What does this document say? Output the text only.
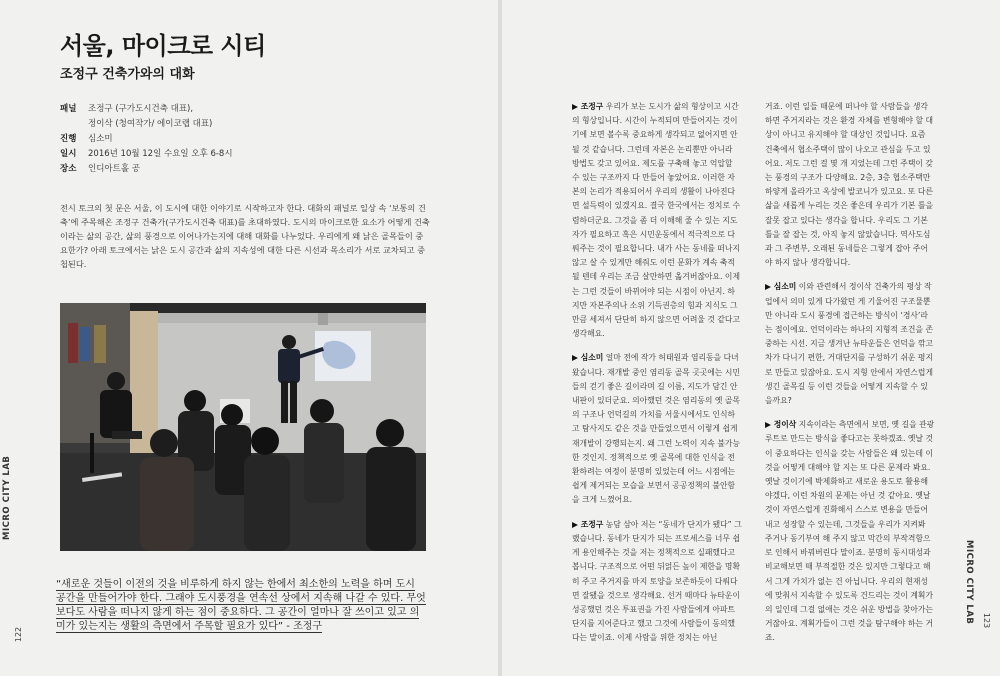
서울, 마이크로 시티
조정구 건축가와의 대화
패널	조정구 (구가도시건축 대표),
정이삭 (청여작가/ 에이코랩 대표)
진행	심소미
일시	2016년 10월 12일 수요일 오후 6-8시
장소	인디아트홀 공
전시 토크의 첫 문은 서울, 이 도시에 대한 이야기로 시작하고자 한다. 대화의 패널로 일상 속 ‘보통의 건축’에 주목해온 조정구 건축가(구가도시건축 대표)를 초대하였다. 도시의 마이크로한 요소가 어떻게 건축이라는 삶의 공간, 삶의 풍경으로 이어나가는지에 대해 대화를 나누었다. 우리에게 왜 낡은 골목들이 중요한가? 아래 토크에서는 낡은 도시 공간과 삶의 지속성에 대한 다른 시선과 목소리가 서로 교차되고 중첩된다.
“새로운 것들이 이전의 것을 비루하게 하지 않는 한에서 최소한의 노력을 하며 도시 공간을 만들어가야 한다. 그래야 도시풍경을 연속선 상에서 지속해 나갈 수 있다. 무엇보다도 사람을 떠나지 않게 하는 점이 중요하다. 그 공간이 얼마나 잘 쓰이고 있고 의미가 있는지는 생활의 측면에서 주목할 필요가 있다” - 조정구
MICRO CITY LAB
122

▶ 조정구 우리가 보는 도시가 삶의 형상이고 시간의 형상입니다. 시간이 누적되며 만들어지는 것이기에 보면 볼수록 중요하게 생각되고 없어지면 안 될 것 같습니다. 그런데 자본은 논리뿐만 아니라 방법도 갖고 있어요. 제도를 구축해 놓고 억압할 수 있는 구조까지 다 만들어 놓았어요. 이러한 자본의 논리가 적용되어서 우리의 생활이 나아진다면 설득력이 있겠지요. 결국 한국에서는 정치로 수렴하더군요. 그것을 좀 더 이해해 줄 수 있는 지도자가 필요하고 혹은 시민운동에서 적극적으로 다뤄주는 것이 필요합니다. 내가 사는 동네를 떠나지 않고 살 수 있게만 해줘도 이런 문화가 계속 축적될 텐데 우리는 조금 살만하면 옮겨버잖아요. 이제는 그런 것들이 바뀌어야 되는 시점이 아닌지. 하지만 자본주의나 소위 기득권층의 힘과 지식도 그만큼 세져서 단단히 하지 않으면 어려울 것 같다고 생각해요.

▶ 심소미 얼마 전에 작가 허태원과 염리동을 다녀왔습니다. 재개발 중인 염리동 골목 곳곳에는 시민들의 걷기 좋은 길이라며 길 이름, 지도가 담긴 안내판이 있더군요. 의아했던 것은 염리동의 옛 골목의 구조나 언덕길의 가치를 서울시에서도 인식하고 탐사지도 같은 것을 만들었으면서 이렇게 쉽게 재개발이 강행되는지. 왜 그런 노력이 지속 불가능한 것인지. 정책적으로 옛 골목에 대한 인식을 전환하려는 여정이 분명히 있었는데 어느 시점에는 쉽게 제거되는 모습을 보면서 공공정책의 불안함을 크게 느꼈어요.

▶ 조정구 농담 삼아 저는 “동네가 단지가 됐다” 그랬습니다. 동네가 단지가 되는 프로세스를 너무 쉽게 용인해주는 것을 저는 정책적으로 실패했다고 봅니다. 구조적으로 어떤 뒤얽든 높이 제한을 명확히 주고 주거지를 마지 토양을 보존하듯이 다뤄다면 잘됐을 것으로 생각해요. 선거 때마다 뉴타운이 성공했던 것은 투표권을 가진 사람들에게 아파트 단지를 지어준다고 했고 그것에 사람들이 동의했다는 말이죠. 이제 사람을 위한 정치는 아닌

거죠. 이런 일들 때문에 떠나야 할 사람들을 생각하면 주거지라는 것은 환경 자체를 변형해야 할 대상이 아니고 유지해야 할 대상인 것입니다. 요즘 건축에서 협소주택이 많이 나오고 관심을 두고 있어요. 저도 그런 걸 몇 개 지었는데 그런 주택이 갖는 풍경의 구조가 다양해요. 2층, 3층 협소주택만 하얗게 올라가고 옥상에 발코니가 있고요. 또 다른 삶을 새롭게 누리는 것은 좋은데 우리가 기본 틀을 잘못 잡고 있다는 생각을 합니다. 우리도 그 기본 틀을 잘 잡는 것, 아직 놓지 않았습니다. 역사도심과 그 주변부, 오래된 동네들은 그렇게 잡아 주어야 하지 않나 생각합니다.

▶ 심소미 이와 관련해서 정이삭 건축가의 평상 작업에서 의미 있게 다가왔던 게 기울어진 구조물뿐만 아니라 도시 풍경에 접근하는 방식이 ‘경사’라는 점이에요. 언덕이라는 하나의 지형적 조건을 존중하는 시선. 지금 생겨난 뉴타운들은 언덕을 깎고 차가 다니기 편한, 거대단지를 구성하기 쉬운 평지로 만들고 있잖아요. 도시 지형 안에서 자연스럽게 생긴 골목길 등 이런 것들을 어떻게 지속할 수 있을까요?

▶ 정이삭 지속이라는 측면에서 보면, 옛 길을 관광 루트로 만드는 방식을 좋다고는 못하겠죠. 옛날 것이 중요하다는 인식을 갖는 사람들은 왜 있는데 이것을 어떻게 대해야 할 지는 또 다른 문제라 봐요. 옛날 것이기에 박제화하고 새로운 용도로 활용해야겠다, 이런 차원의 문제는 아닌 것 같아요. 옛날 것이 자연스럽게 진화해서 스스로 변용을 만들어 내고 성장할 수 있는데, 그것들을 우리가 지켜봐 주거나 동기부여 해 주지 않고 막간의 부작격함으로 인해서 바꿔버린다 말이죠. 분명히 동시대성과 비교해보면 때 부적절한 것은 있지만 그렇다고 해서 그게 가치가 없는 건 아닙니다. 우리의 현재성에 맞춰서 지속할 수 있도록 건드리는 것이 계획가의 일인데 그걸 없애는 것은 쉬운 방법을 찾아가는 거잖아요. 계획가들이 그런 것을 탐구해야 하는 거죠.

MICRO CITY LAB 123
